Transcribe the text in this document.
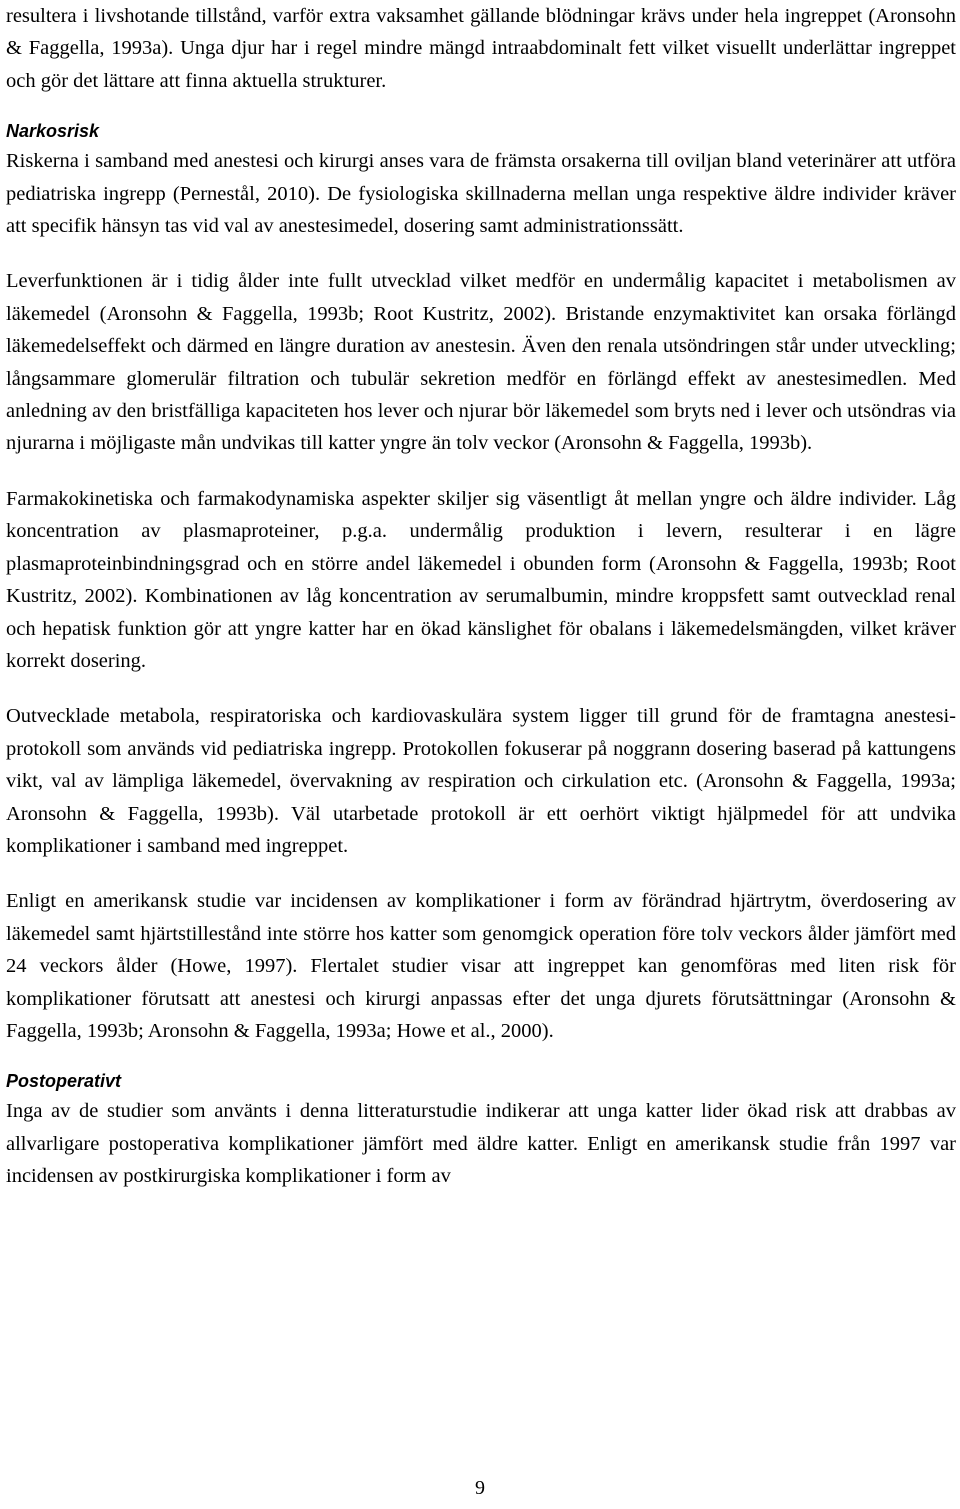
resultera i livshotande tillstånd, varför extra vaksamhet gällande blödningar krävs under hela ingreppet (Aronsohn & Faggella, 1993a). Unga djur har i regel mindre mängd intraabdominalt fett vilket visuellt underlättar ingreppet och gör det lättare att finna aktuella strukturer.

Narkosrisk

Riskerna i samband med anestesi och kirurgi anses vara de främsta orsakerna till oviljan bland veterinärer att utföra pediatriska ingrepp (Pernestål, 2010). De fysiologiska skillnaderna mellan unga respektive äldre individer kräver att specifik hänsyn tas vid val av anestesimedel, dosering samt administrationssätt.

Leverfunktionen är i tidig ålder inte fullt utvecklad vilket medför en undermålig kapacitet i metabolismen av läkemedel (Aronsohn & Faggella, 1993b; Root Kustritz, 2002). Bristande enzymaktivitet kan orsaka förlängd läkemedelseffekt och därmed en längre duration av anestesin. Även den renala utsöndringen står under utveckling; långsammare glomerulär filtration och tubulär sekretion medför en förlängd effekt av anestesimedlen. Med anledning av den bristfälliga kapaciteten hos lever och njurar bör läkemedel som bryts ned i lever och utsöndras via njurarna i möjligaste mån undvikas till katter yngre än tolv veckor (Aronsohn & Faggella, 1993b).

Farmakokinetiska och farmakodynamiska aspekter skiljer sig väsentligt åt mellan yngre och äldre individer. Låg koncentration av plasmaproteiner, p.g.a. undermålig produktion i levern, resulterar i en lägre plasmaproteinbindningsgrad och en större andel läkemedel i obunden form (Aronsohn & Faggella, 1993b; Root Kustritz, 2002). Kombinationen av låg koncentration av serumalbumin, mindre kroppsfett samt outvecklad renal och hepatisk funktion gör att yngre katter har en ökad känslighet för obalans i läkemedelsmängden, vilket kräver korrekt dosering.

Outvecklade metabola, respiratoriska och kardiovaskulära system ligger till grund för de framtagna anestesi-protokoll som används vid pediatriska ingrepp. Protokollen fokuserar på noggrann dosering baserad på kattungens vikt, val av lämpliga läkemedel, övervakning av respiration och cirkulation etc. (Aronsohn & Faggella, 1993a; Aronsohn & Faggella, 1993b). Väl utarbetade protokoll är ett oerhört viktigt hjälpmedel för att undvika komplikationer i samband med ingreppet.

Enligt en amerikansk studie var incidensen av komplikationer i form av förändrad hjärtrytm, överdosering av läkemedel samt hjärtstillestånd inte större hos katter som genomgick operation före tolv veckors ålder jämfört med 24 veckors ålder (Howe, 1997). Flertalet studier visar att ingreppet kan genomföras med liten risk för komplikationer förutsatt att anestesi och kirurgi anpassas efter det unga djurets förutsättningar (Aronsohn & Faggella, 1993b; Aronsohn & Faggella, 1993a; Howe et al., 2000).

Postoperativt

Inga av de studier som använts i denna litteraturstudie indikerar att unga katter lider ökad risk att drabbas av allvarligare postoperativa komplikationer jämfört med äldre katter. Enligt en amerikansk studie från 1997 var incidensen av postkirurgiska komplikationer i form av

9
